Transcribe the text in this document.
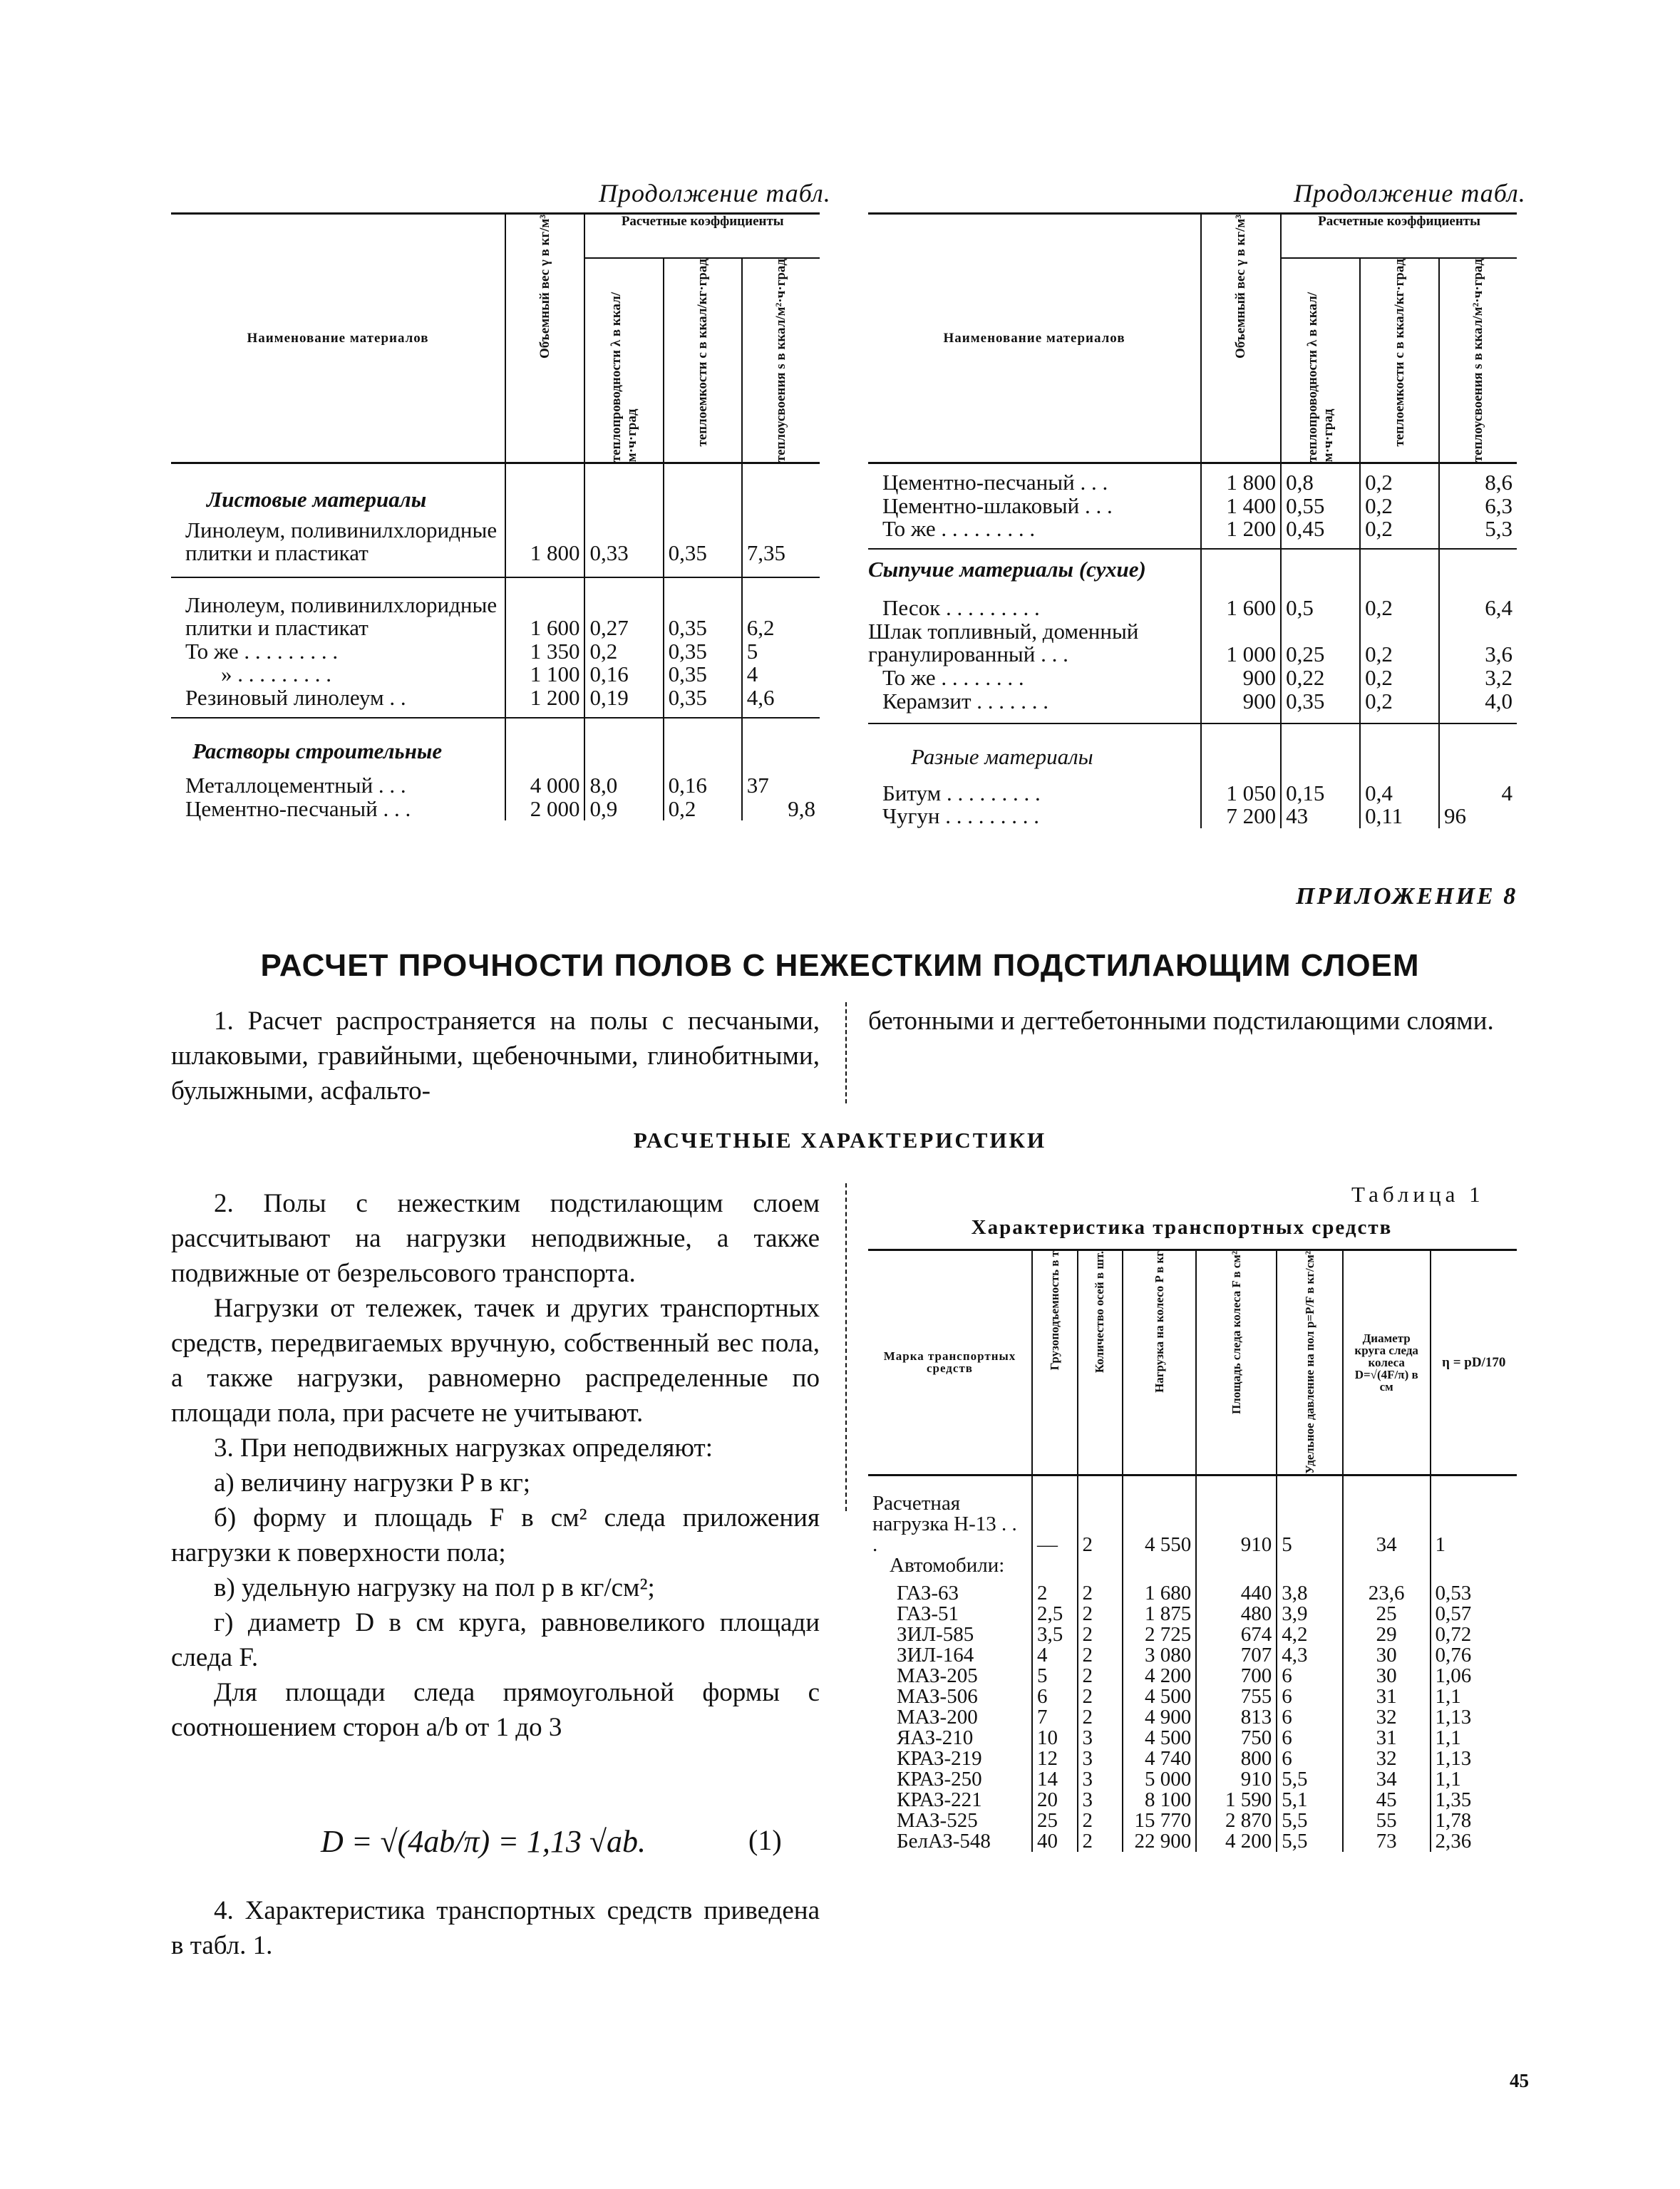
Продолжение табл.
Наименование материалов	Объемный вес γ в кг/м³	Расчетные коэффициенты		

		теплопроводности λ в ккал/м·ч·град	теплоемкости с в ккал/кг·град	теплоусвоения s в ккал/м²·ч·град

Листовые материалы				
Линолеум, поливинилхлоридные плитки и пластикат	1 800	0,33	0,35	7,35
Линолеум, поливинилхлоридные плитки и пластикат	1 600	0,27	0,35	6,2
То же . . . . . . . . .	1 350	0,2	0,35	5
» . . . . . . . . .	1 100	0,16	0,35	4
Резиновый линолеум . .	1 200	0,19	0,35	4,6
Растворы строительные				
Металлоцементный . . .	4 000	8,0	0,16	37
Цементно-песчаный . . .	2 000	0,9	0,2	9,8
Продолжение табл.
Наименование материалов	Объемный вес γ в кг/м³	Расчетные коэффициенты		

		теплопроводности λ в ккал/м·ч·град	теплоемкости с в ккал/кг·град	теплоусвоения s в ккал/м²·ч·град

Цементно-песчаный . . .	1 800	0,8	0,2	8,6
Цементно-шлаковый . . .	1 400	0,55	0,2	6,3
То же . . . . . . . . .	1 200	0,45	0,2	5,3
Сыпучие материалы (сухие)				
Песок . . . . . . . . .	1 600	0,5	0,2	6,4
Шлак топливный, доменный гранулированный . . .	1 000	0,25	0,2	3,6
То же . . . . . . . .	900	0,22	0,2	3,2
Керамзит . . . . . . .	900	0,35	0,2	4,0
Разные материалы				
Битум . . . . . . . . .	1 050	0,15	0,4	4
Чугун . . . . . . . . .	7 200	43	0,11	96
ПРИЛОЖЕНИЕ 8
РАСЧЕТ ПРОЧНОСТИ ПОЛОВ С НЕЖЕСТКИМ ПОДСТИЛАЮЩИМ СЛОЕМ

1. Расчет распространяется на полы с песчаными, шлаковыми, гравийными, щебеночными, глинобитными, булыжными, асфальто-

бетонными и дегтебетонными подстилающими слоями.

РАСЧЕТНЫЕ ХАРАКТЕРИСТИКИ

2. Полы с нежестким подстилающим слоем рассчитывают на нагрузки неподвижные, а также подвижные от безрельсового транспорта.

Нагрузки от тележек, тачек и других транспортных средств, передвигаемых вручную, собственный вес пола, а также нагрузки, равномерно распределенные по площади пола, при расчете не учитывают.

3. При неподвижных нагрузках определяют:

а) величину нагрузки P в кг;

б) форму и площадь F в см² следа приложения нагрузки к поверхности пола;

в) удельную нагрузку на пол p в кг/см²;

г) диаметр D в см круга, равновеликого площади следа F.

Для площади следа прямоугольной формы с соотношением сторон a/b от 1 до 3

D = √(4ab/π) = 1,13 √ab.	(1)

4. Характеристика транспортных средств приведена в табл. 1.

Таблица 1
Характеристика транспортных средств
Марка транспортных средств	Грузоподъемность в т	Количество осей в шт.	Нагрузка на колесо P в кг	Площадь следа колеса F в см²	Удельное давление на пол p=P/F в кг/см²	Диаметр круга следа колеса D=√(4F/π) в см	η = pD/170
Расчетная нагрузка Н-13 . . .	—	2	4 550	910	5	34	1
Автомобили:							
ГАЗ-63	2	2	1 680	440	3,8	23,6	0,53
ГАЗ-51	2,5	2	1 875	480	3,9	25	0,57
ЗИЛ-585	3,5	2	2 725	674	4,2	29	0,72
ЗИЛ-164	4	2	3 080	707	4,3	30	0,76
МАЗ-205	5	2	4 200	700	6	30	1,06
МАЗ-506	6	2	4 500	755	6	31	1,1
МАЗ-200	7	2	4 900	813	6	32	1,13
ЯАЗ-210	10	3	4 500	750	6	31	1,1
КРАЗ-219	12	3	4 740	800	6	32	1,13
КРАЗ-250	14	3	5 000	910	5,5	34	1,1
КРАЗ-221	20	3	8 100	1 590	5,1	45	1,35
МАЗ-525	25	2	15 770	2 870	5,5	55	1,78
БелАЗ-548	40	2	22 900	4 200	5,5	73	2,36
45
